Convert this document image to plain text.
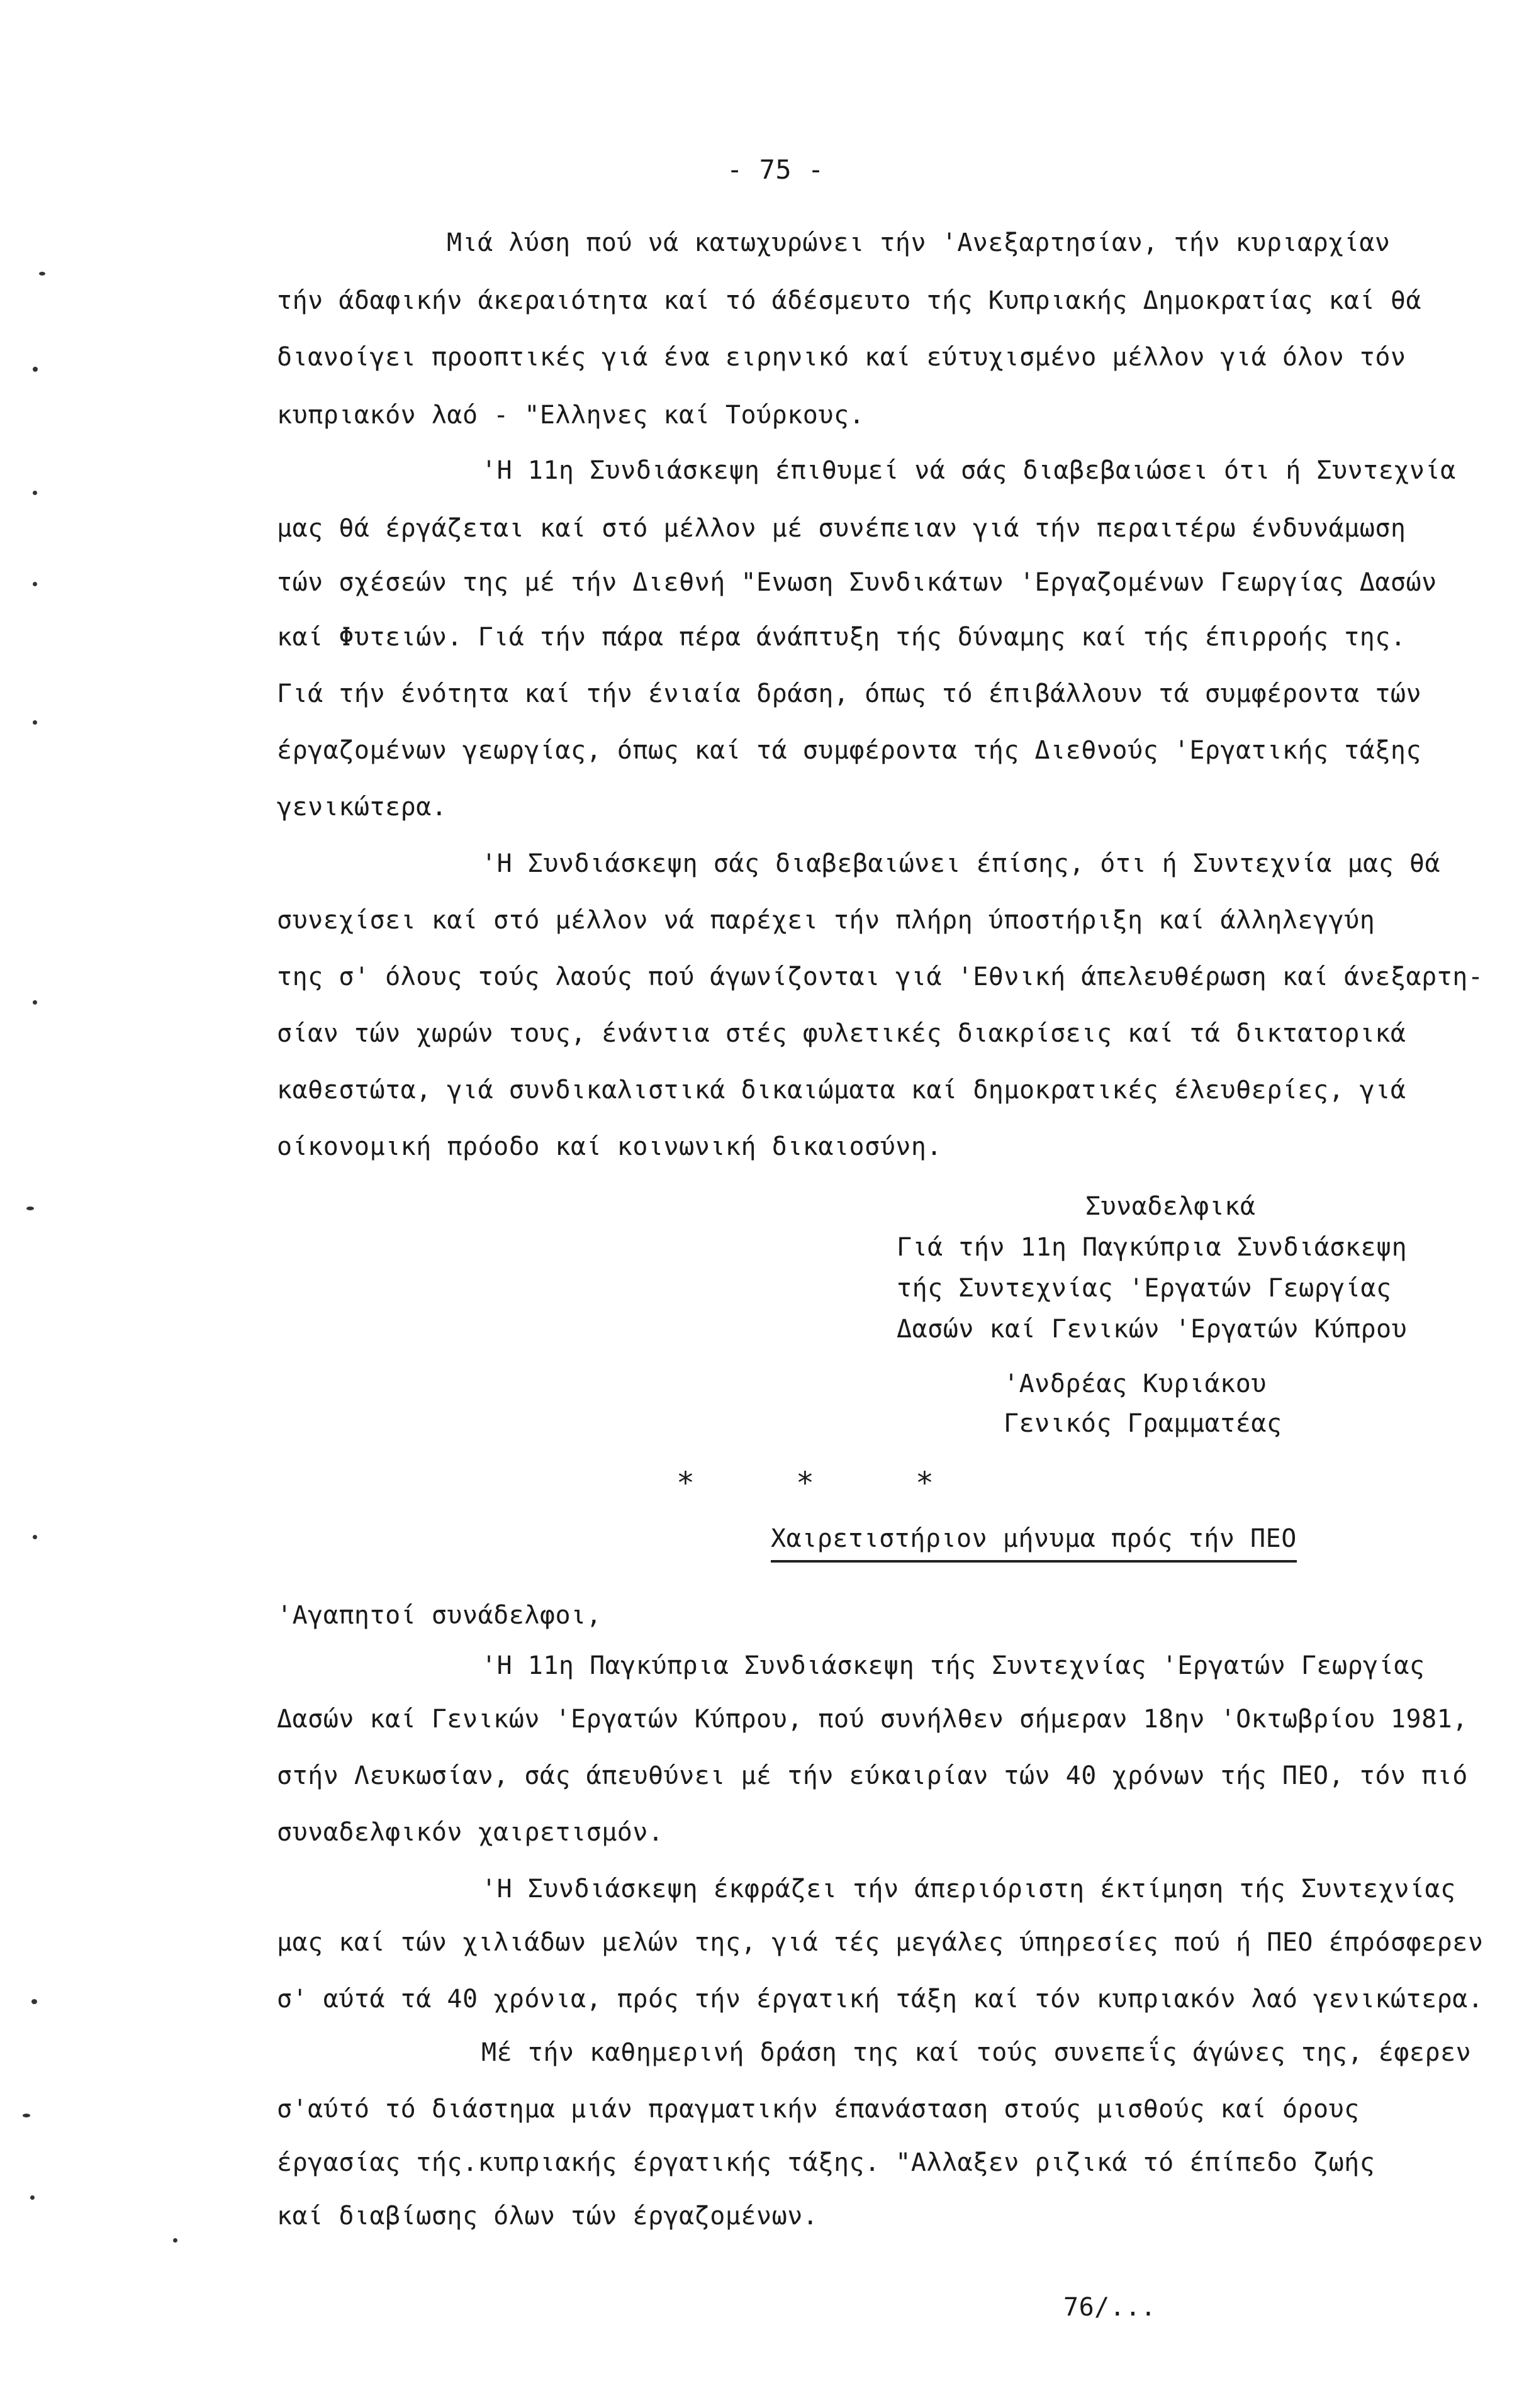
- 75 -
Μιά λύση πού νά κατωχυρώνει τήν 'Ανεξαρτησίαν, τήν κυριαρχίαν
τήν άδαφικήν άκεραιότητα καί τό άδέσμευτο τής Κυπριακής Δημοκρατίας καί θά
διανοίγει προοπτικές γιά ένα ειρηνικό καί εύτυχισμένο μέλλον γιά όλον τόν
κυπριακόν λαό - "Ελληνες καί Τούρκους.
'Η 11η Συνδιάσκεψη έπιθυμεί νά σάς διαβεβαιώσει ότι ή Συντεχνία
μας θά έργάζεται καί στό μέλλον μέ συνέπειαν γιά τήν περαιτέρω ένδυνάμωση
τών σχέσεών της μέ τήν Διεθνή "Ενωση Συνδικάτων 'Εργαζομένων Γεωργίας Δασών
καί Φυτειών. Γιά τήν πάρα πέρα άνάπτυξη τής δύναμης καί τής έπιρροής της.
Γιά τήν ένότητα καί τήν ένιαία δράση, όπως τό έπιβάλλουν τά συμφέροντα τών
έργαζομένων γεωργίας, όπως καί τά συμφέροντα τής Διεθνούς 'Εργατικής τάξης
γενικώτερα.
'Η Συνδιάσκεψη σάς διαβεβαιώνει έπίσης, ότι ή Συντεχνία μας θά
συνεχίσει καί στό μέλλον νά παρέχει τήν πλήρη ύποστήριξη καί άλληλεγγύη
της σ' όλους τούς λαούς πού άγωνίζονται γιά 'Εθνική άπελευθέρωση καί άνεξαρτη-
σίαν τών χωρών τους, ένάντια στές φυλετικές διακρίσεις καί τά δικτατορικά
καθεστώτα, γιά συνδικαλιστικά δικαιώματα καί δημοκρατικές έλευθερίες, γιά
οίκονομική πρόοδο καί κοινωνική δικαιοσύνη.
Συναδελφικά
Γιά τήν 11η Παγκύπρια Συνδιάσκεψη
τής Συντεχνίας 'Εργατών Γεωργίας
Δασών καί Γενικών 'Εργατών Κύπρου
'Ανδρέας Κυριάκου
Γενικός Γραμματέας
*	*	*
Χαιρετιστήριον μήνυμα πρός τήν ΠΕΟ
'Αγαπητοί συνάδελφοι,
'Η 11η Παγκύπρια Συνδιάσκεψη τής Συντεχνίας 'Εργατών Γεωργίας
Δασών καί Γενικών 'Εργατών Κύπρου, πού συνήλθεν σήμεραν 18ην 'Οκτωβρίου 1981,
στήν Λευκωσίαν, σάς άπευθύνει μέ τήν εύκαιρίαν τών 40 χρόνων τής ΠΕΟ, τόν πιό
συναδελφικόν χαιρετισμόν.
'Η Συνδιάσκεψη έκφράζει τήν άπεριόριστη έκτίμηση τής Συντεχνίας
μας καί τών χιλιάδων μελών της, γιά τές μεγάλες ύπηρεσίες πού ή ΠΕΟ έπρόσφερεν
σ' αύτά τά 40 χρόνια, πρός τήν έργατική τάξη καί τόν κυπριακόν λαό γενικώτερα.
Μέ τήν καθημερινή δράση της καί τούς συνεπεΐς άγώνες της, έφερεν
σ'αύτό τό διάστημα μιάν πραγματικήν έπανάσταση στούς μισθούς καί όρους
έργασίας τής.κυπριακής έργατικής τάξης. "Αλλαξεν ριζικά τό έπίπεδο ζωής
καί διαβίωσης όλων τών έργαζομένων.
76/...
